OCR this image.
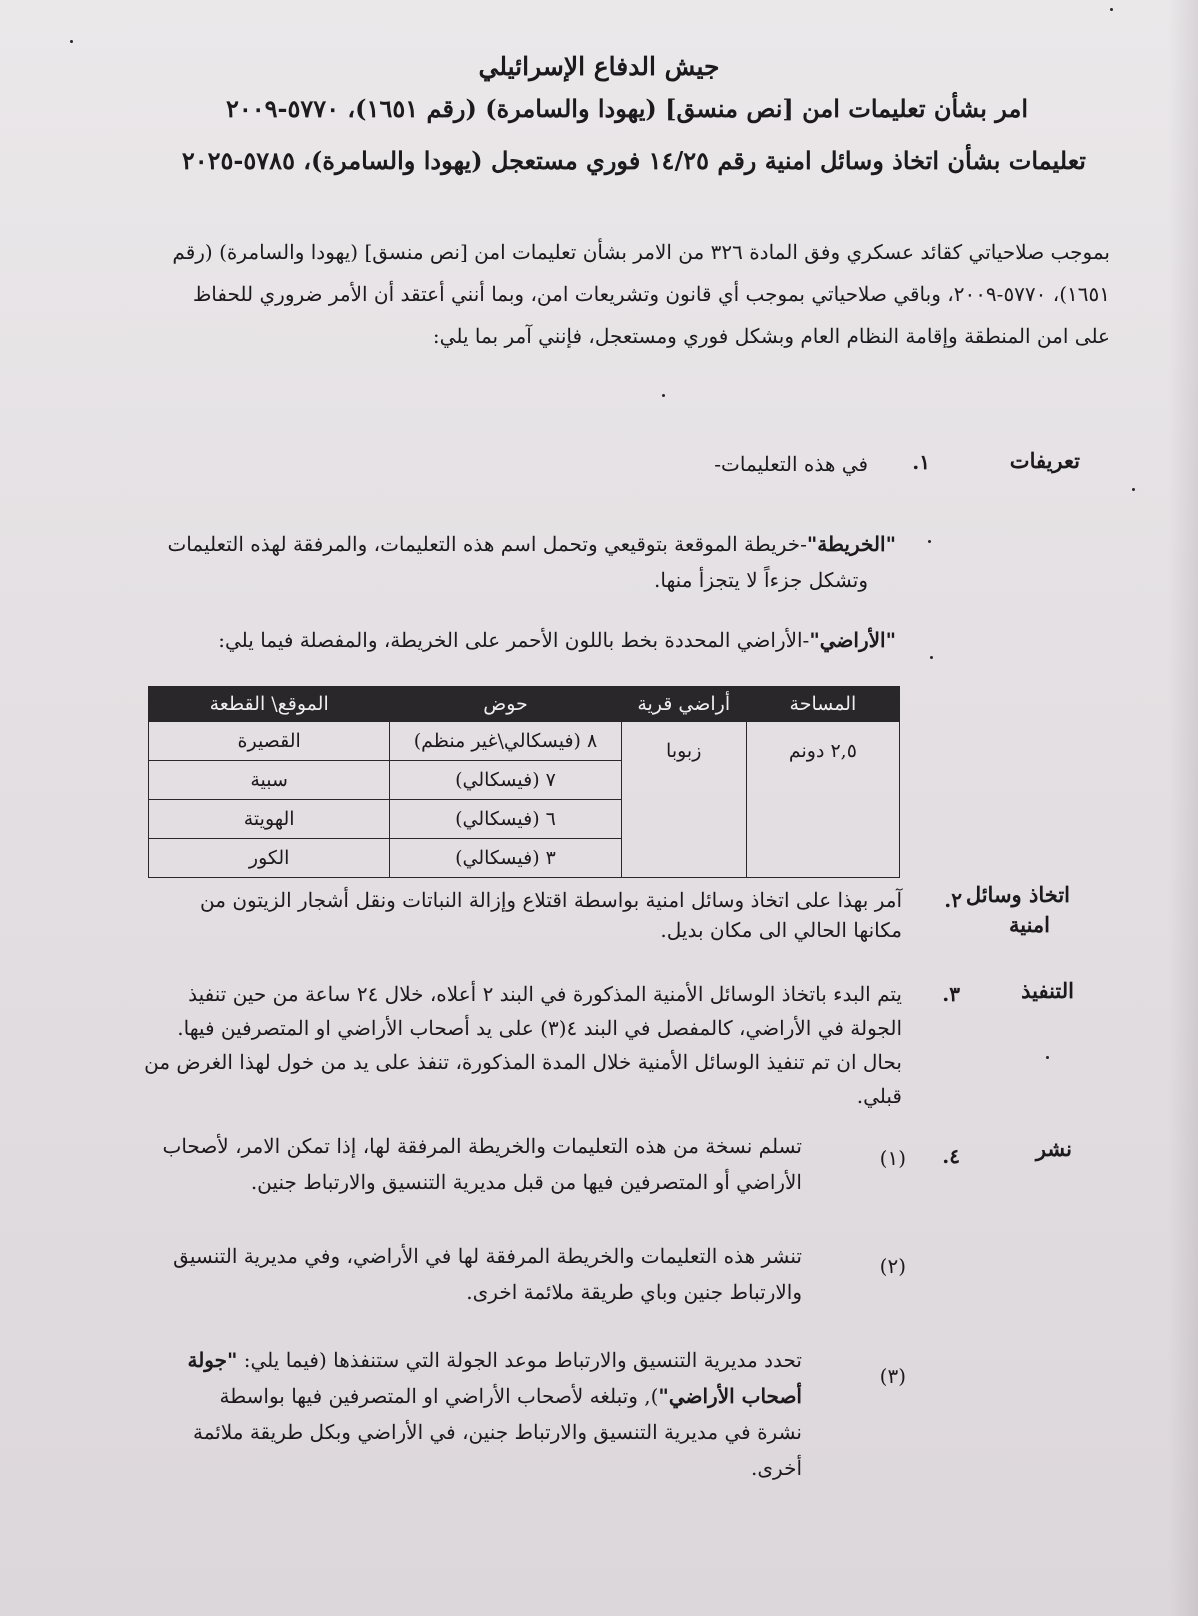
جيش الدفاع الإسرائيلي
امر بشأن تعليمات امن [نص منسق] (يهودا والسامرة) (رقم ١٦٥١)، ٥٧٧٠-٢٠٠٩
تعليمات بشأن اتخاذ وسائل امنية رقم ١٤/٢٥ فوري مستعجل (يهودا والسامرة)، ٥٧٨٥-٢٠٢٥
بموجب صلاحياتي كقائد عسكري وفق المادة ٣٢٦ من الامر بشأن تعليمات امن [نص منسق] (يهودا والسامرة) (رقم
١٦٥١)، ٥٧٧٠-٢٠٠٩، وباقي صلاحياتي بموجب أي قانون وتشريعات امن، وبما أنني أعتقد أن الأمر ضروري للحفاظ
على امن المنطقة وإقامة النظام العام وبشكل فوري ومستعجل، فإنني آمر بما يلي:
تعريفات
١.
في هذه التعليمات-
"الخريطة"-خريطة الموقعة بتوقيعي وتحمل اسم هذه التعليمات، والمرفقة لهذه التعليمات
وتشكل جزءاً لا يتجزأ منها.
"الأراضي"-الأراضي المحددة بخط باللون الأحمر على الخريطة، والمفصلة فيما يلي:
المساحة	أراضي قرية	حوض	الموقع\ القطعة
٢,٥ دونم	زبوبا	٨ (فيسكالي\غير منظم)	القصيرة
		٧ (فيسكالي)	سبية
		٦ (فيسكالي)	الهويتة
		٣ (فيسكالي)	الكور
اتخاذ وسائل
امنية
٢.
آمر بهذا على اتخاذ وسائل امنية بواسطة اقتلاع وإزالة النباتات ونقل أشجار الزيتون من
مكانها الحالي الى مكان بديل.
التنفيذ
٣.
يتم البدء باتخاذ الوسائل الأمنية المذكورة في البند ٢ أعلاه، خلال ٢٤ ساعة من حين تنفيذ
الجولة في الأراضي، كالمفصل في البند ٤(٣) على يد أصحاب الأراضي او المتصرفين فيها.
بحال ان تم تنفيذ الوسائل الأمنية خلال المدة المذكورة، تنفذ على يد من خول لهذا الغرض من
قبلي.
نشر
٤.
(١)
تسلم نسخة من هذه التعليمات والخريطة المرفقة لها، إذا تمكن الامر، لأصحاب
الأراضي أو المتصرفين فيها من قبل مديرية التنسيق والارتباط جنين.
(٢)
تنشر هذه التعليمات والخريطة المرفقة لها في الأراضي، وفي مديرية التنسيق
والارتباط جنين وباي طريقة ملائمة اخرى.
(٣)
تحدد مديرية التنسيق والارتباط موعد الجولة التي ستنفذها (فيما يلي: "جولة
أصحاب الأراضي"), وتبلغه لأصحاب الأراضي او المتصرفين فيها بواسطة
نشرة في مديرية التنسيق والارتباط جنين، في الأراضي وبكل طريقة ملائمة
أخرى.
